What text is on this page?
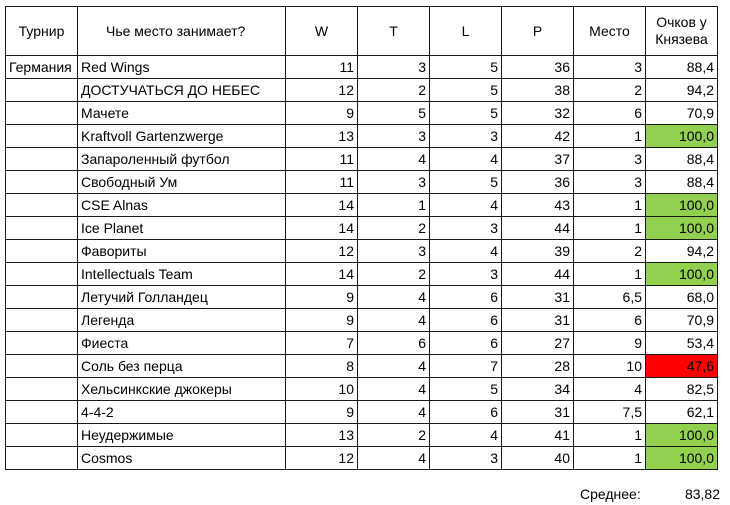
Турнир	Чье место занимает?	W	T	L	P	Место	Очков у Князева
Германия	Red Wings	11	3	5	36	3	88,4
	ДОСТУЧАТЬСЯ ДО НЕБЕС	12	2	5	38	2	94,2
	Мачете	9	5	5	32	6	70,9
	Kraftvoll Gartenzwerge	13	3	3	42	1	100,0
	Запароленный футбол	11	4	4	37	3	88,4
	Свободный Ум	11	3	5	36	3	88,4
	CSE Alnas	14	1	4	43	1	100,0
	Ice Planet	14	2	3	44	1	100,0
	Фавориты	12	3	4	39	2	94,2
	Intellectuals Team	14	2	3	44	1	100,0
	Летучий Голландец	9	4	6	31	6,5	68,0
	Легенда	9	4	6	31	6	70,9
	Фиеста	7	6	6	27	9	53,4
	Соль без перца	8	4	7	28	10	47,6
	Хельсинкские джокеры	10	4	5	34	4	82,5
	4-4-2	9	4	6	31	7,5	62,1
	Неудержимые	13	2	4	41	1	100,0
	Cosmos	12	4	3	40	1	100,0
Среднее:	83,82
